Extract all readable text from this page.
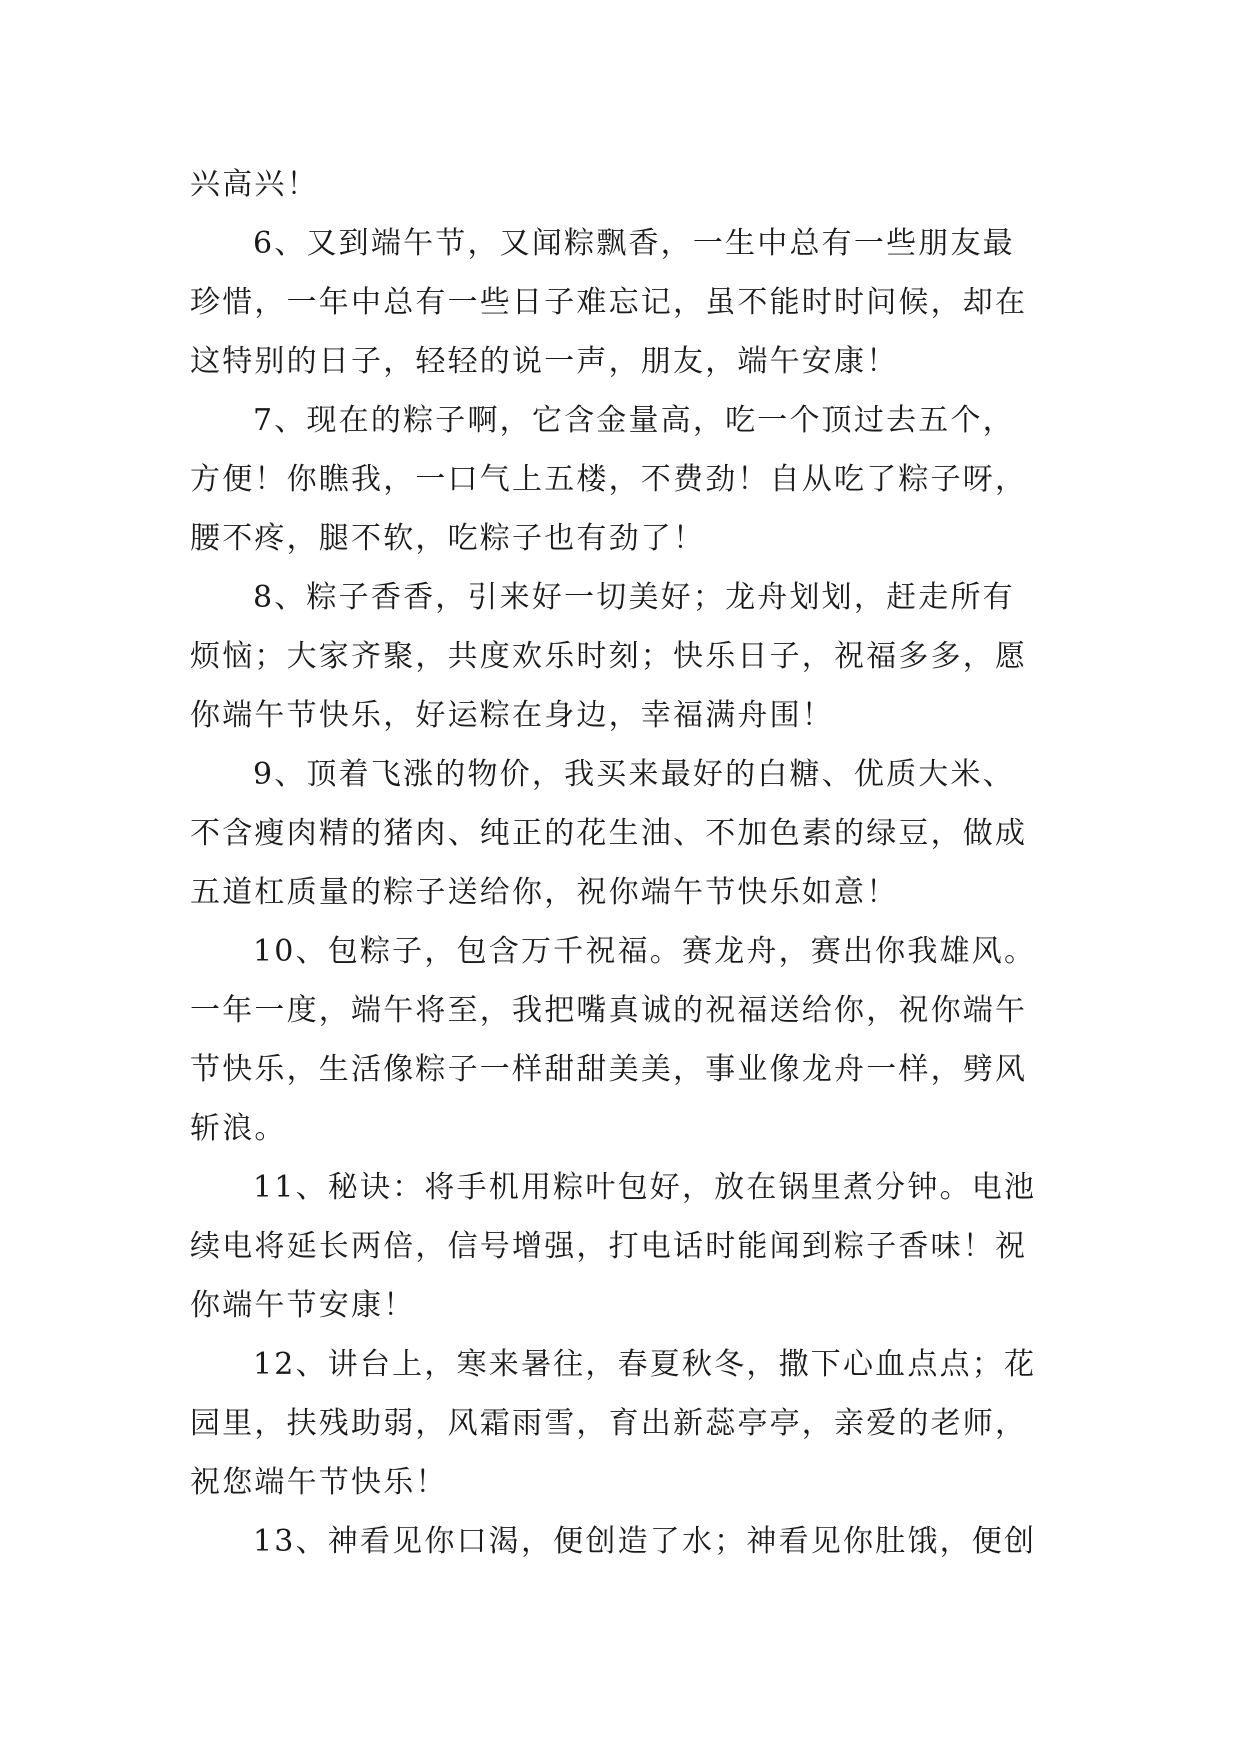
兴高兴！
6、又到端午节，又闻粽飘香，一生中总有一些朋友最
珍惜，一年中总有一些日子难忘记，虽不能时时问候，却在
这特别的日子，轻轻的说一声，朋友，端午安康！
7、现在的粽子啊，它含金量高，吃一个顶过去五个，
方便！你瞧我，一口气上五楼，不费劲！自从吃了粽子呀，
腰不疼，腿不软，吃粽子也有劲了！
8、粽子香香，引来好一切美好；龙舟划划，赶走所有
烦恼；大家齐聚，共度欢乐时刻；快乐日子，祝福多多，愿
你端午节快乐，好运粽在身边，幸福满舟围！
9、顶着飞涨的物价，我买来最好的白糖、优质大米、
不含瘦肉精的猪肉、纯正的花生油、不加色素的绿豆，做成
五道杠质量的粽子送给你，祝你端午节快乐如意！
10、包粽子，包含万千祝福。赛龙舟，赛出你我雄风。
一年一度，端午将至，我把嘴真诚的祝福送给你，祝你端午
节快乐，生活像粽子一样甜甜美美，事业像龙舟一样，劈风
斩浪。
11、秘诀：将手机用粽叶包好，放在锅里煮分钟。电池
续电将延长两倍，信号增强，打电话时能闻到粽子香味！祝
你端午节安康！
12、讲台上，寒来暑往，春夏秋冬，撒下心血点点；花
园里，扶残助弱，风霜雨雪，育出新蕊亭亭，亲爱的老师，
祝您端午节快乐！
13、神看见你口渴，便创造了水；神看见你肚饿，便创
